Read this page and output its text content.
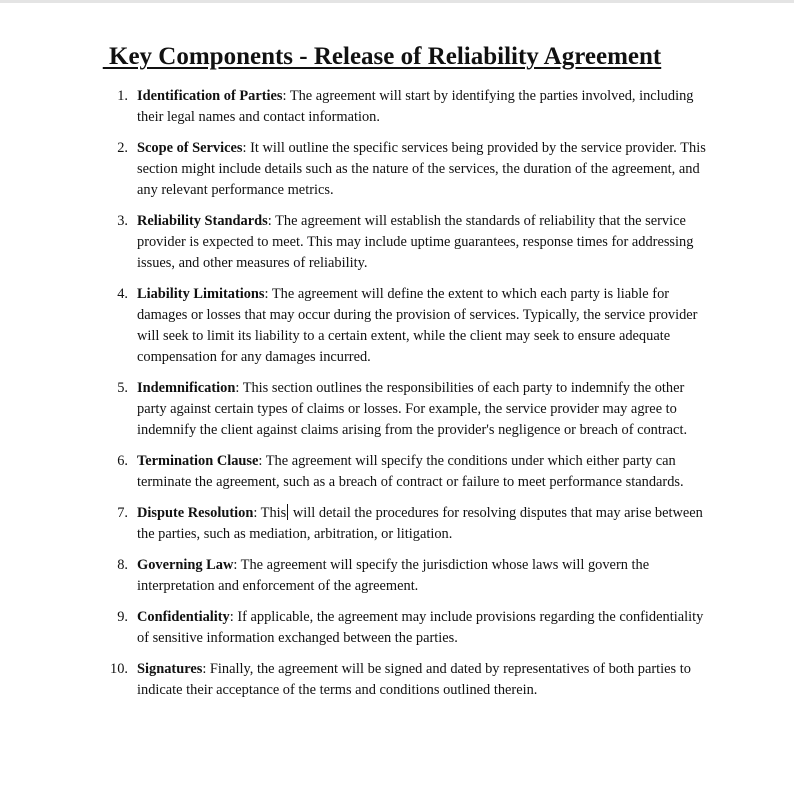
Key Components - Release of Reliability Agreement
1. Identification of Parties: The agreement will start by identifying the parties involved, including their legal names and contact information.
2. Scope of Services: It will outline the specific services being provided by the service provider. This section might include details such as the nature of the services, the duration of the agreement, and any relevant performance metrics.
3. Reliability Standards: The agreement will establish the standards of reliability that the service provider is expected to meet. This may include uptime guarantees, response times for addressing issues, and other measures of reliability.
4. Liability Limitations: The agreement will define the extent to which each party is liable for damages or losses that may occur during the provision of services. Typically, the service provider will seek to limit its liability to a certain extent, while the client may seek to ensure adequate compensation for any damages incurred.
5. Indemnification: This section outlines the responsibilities of each party to indemnify the other party against certain types of claims or losses. For example, the service provider may agree to indemnify the client against claims arising from the provider's negligence or breach of contract.
6. Termination Clause: The agreement will specify the conditions under which either party can terminate the agreement, such as a breach of contract or failure to meet performance standards.
7. Dispute Resolution: This will detail the procedures for resolving disputes that may arise between the parties, such as mediation, arbitration, or litigation.
8. Governing Law: The agreement will specify the jurisdiction whose laws will govern the interpretation and enforcement of the agreement.
9. Confidentiality: If applicable, the agreement may include provisions regarding the confidentiality of sensitive information exchanged between the parties.
10. Signatures: Finally, the agreement will be signed and dated by representatives of both parties to indicate their acceptance of the terms and conditions outlined therein.
